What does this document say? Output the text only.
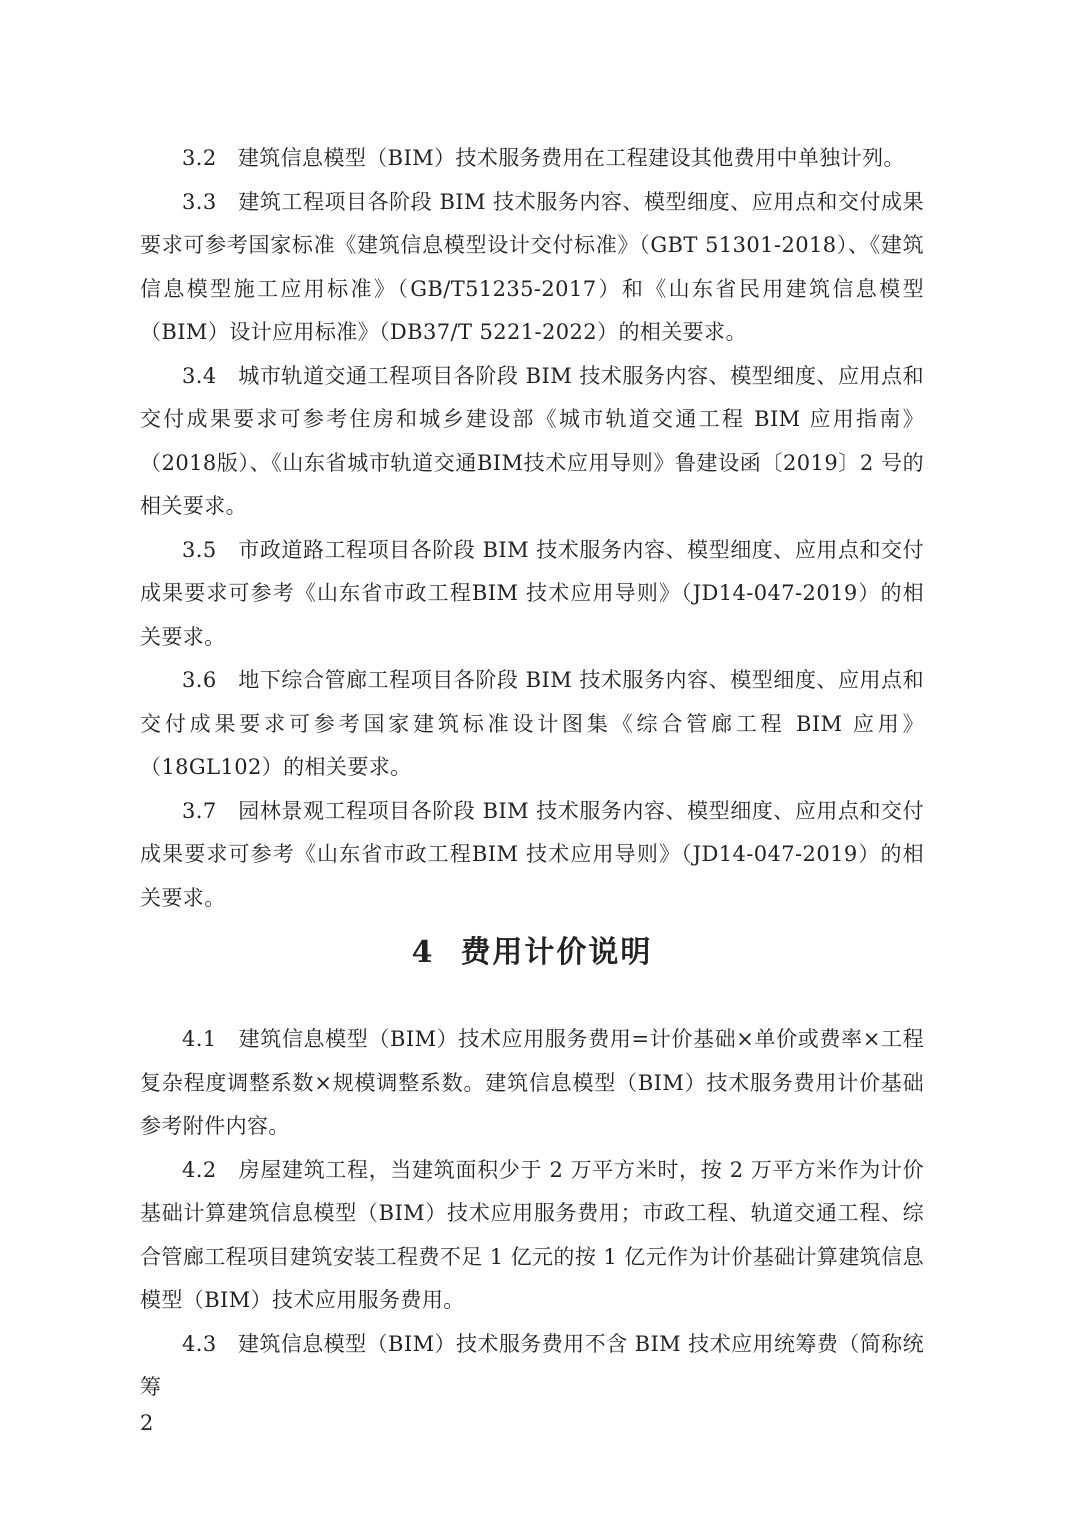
3.2 建筑信息模型（BIM）技术服务费用在工程建设其他费用中单独计列。

3.3 建筑工程项目各阶段 BIM 技术服务内容、模型细度、应用点和交付成果要求可参考国家标准《建筑信息模型设计交付标准》（GBT 51301-2018）、《建筑信息模型施工应用标准》（GB/T51235-2017）和《山东省民用建筑信息模型（BIM）设计应用标准》（DB37/T 5221-2022）的相关要求。

3.4 城市轨道交通工程项目各阶段 BIM 技术服务内容、模型细度、应用点和交付成果要求可参考住房和城乡建设部《城市轨道交通工程 BIM 应用指南》（2018版）、《山东省城市轨道交通BIM技术应用导则》鲁建设函〔2019〕2 号的相关要求。

3.5 市政道路工程项目各阶段 BIM 技术服务内容、模型细度、应用点和交付成果要求可参考《山东省市政工程BIM 技术应用导则》（JD14-047-2019）的相关要求。

3.6 地下综合管廊工程项目各阶段 BIM 技术服务内容、模型细度、应用点和交付成果要求可参考国家建筑标准设计图集《综合管廊工程 BIM 应用》（18GL102）的相关要求。

3.7 园林景观工程项目各阶段 BIM 技术服务内容、模型细度、应用点和交付成果要求可参考《山东省市政工程BIM 技术应用导则》（JD14-047-2019）的相关要求。

4 费用计价说明

4.1 建筑信息模型（BIM）技术应用服务费用=计价基础×单价或费率×工程复杂程度调整系数×规模调整系数。建筑信息模型（BIM）技术服务费用计价基础参考附件内容。

4.2 房屋建筑工程，当建筑面积少于 2 万平方米时，按 2 万平方米作为计价基础计算建筑信息模型（BIM）技术应用服务费用；市政工程、轨道交通工程、综合管廊工程项目建筑安装工程费不足 1 亿元的按 1 亿元作为计价基础计算建筑信息模型（BIM）技术应用服务费用。

4.3 建筑信息模型（BIM）技术服务费用不含 BIM 技术应用统筹费（简称统筹

2
